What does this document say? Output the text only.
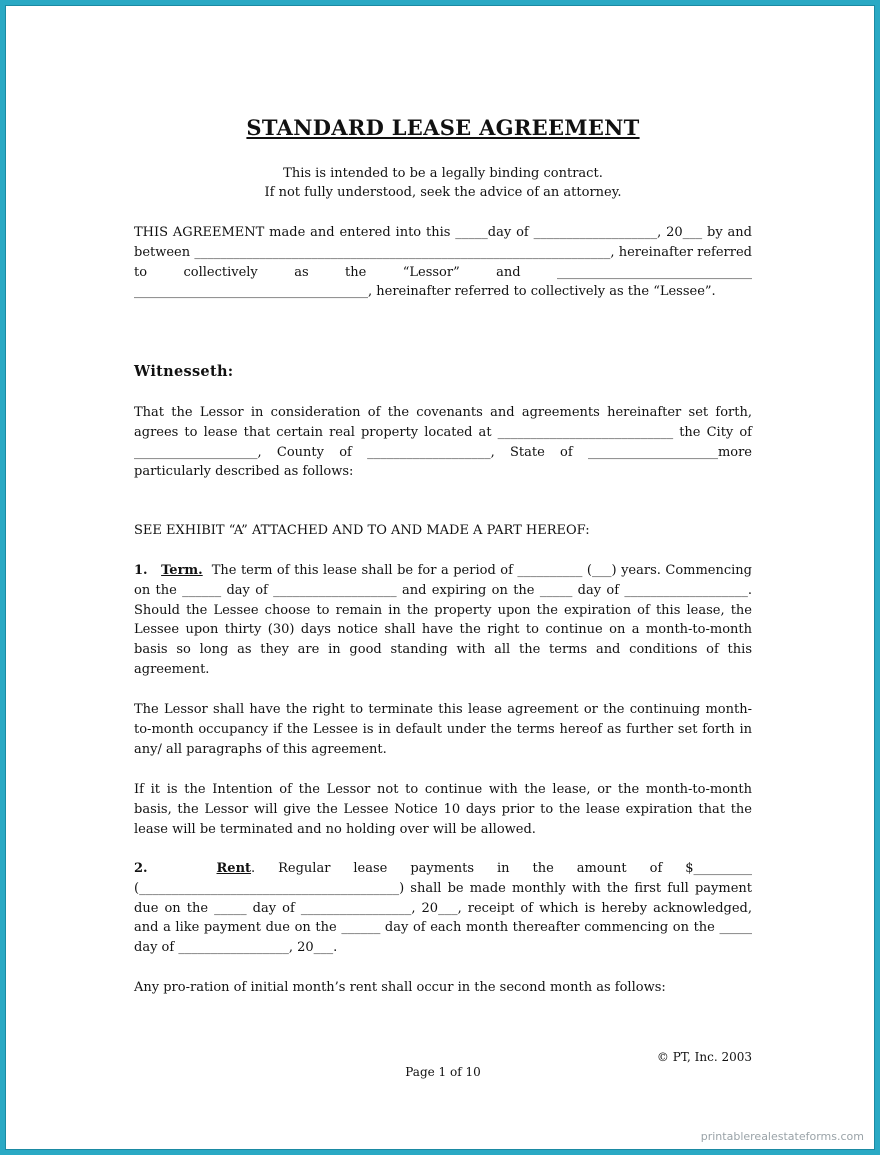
STANDARD LEASE AGREEMENT
This is intended to be a legally binding contract.
If not fully understood, seek the advice of an attorney.

THIS AGREEMENT made and entered into this _____day of ___________________, 20___ by and between ________________________________________________________________, hereinafter referred to collectively as the “Lessor” and ______________________________ ____________________________________, hereinafter referred to collectively as the “Lessee”.

Witnesseth:

That the Lessor in consideration of the covenants and agreements hereinafter set forth, agrees to lease that certain real property located at ___________________________ the City of ___________________, County of ___________________, State of ____________________more particularly described as follows:

SEE EXHIBIT “A” ATTACHED AND TO AND MADE A PART HEREOF:

1. Term. The term of this lease shall be for a period of __________ (___) years. Commencing on the ______ day of ___________________ and expiring on the _____ day of ___________________. Should the Lessee choose to remain in the property upon the expiration of this lease, the Lessee upon thirty (30) days notice shall have the right to continue on a month-to-month basis so long as they are in good standing with all the terms and conditions of this agreement.

The Lessor shall have the right to terminate this lease agreement or the continuing month-to-month occupancy if the Lessee is in default under the terms hereof as further set forth in any/ all paragraphs of this agreement.

If it is the Intention of the Lessor not to continue with the lease, or the month-to-month basis, the Lessor will give the Lessee Notice 10 days prior to the lease expiration that the lease will be terminated and no holding over will be allowed.

2.	Rent. Regular lease payments in the amount of $_________ (________________________________________) shall be made monthly with the first full payment due on the _____ day of _________________, 20___, receipt of which is hereby acknowledged, and a like payment due on the ______ day of each month thereafter commencing on the _____ day of _________________, 20___.

Any pro-ration of initial month’s rent shall occur in the second month as follows:
© PT, Inc. 2003
Page 1 of 10
printablerealestateforms.com
